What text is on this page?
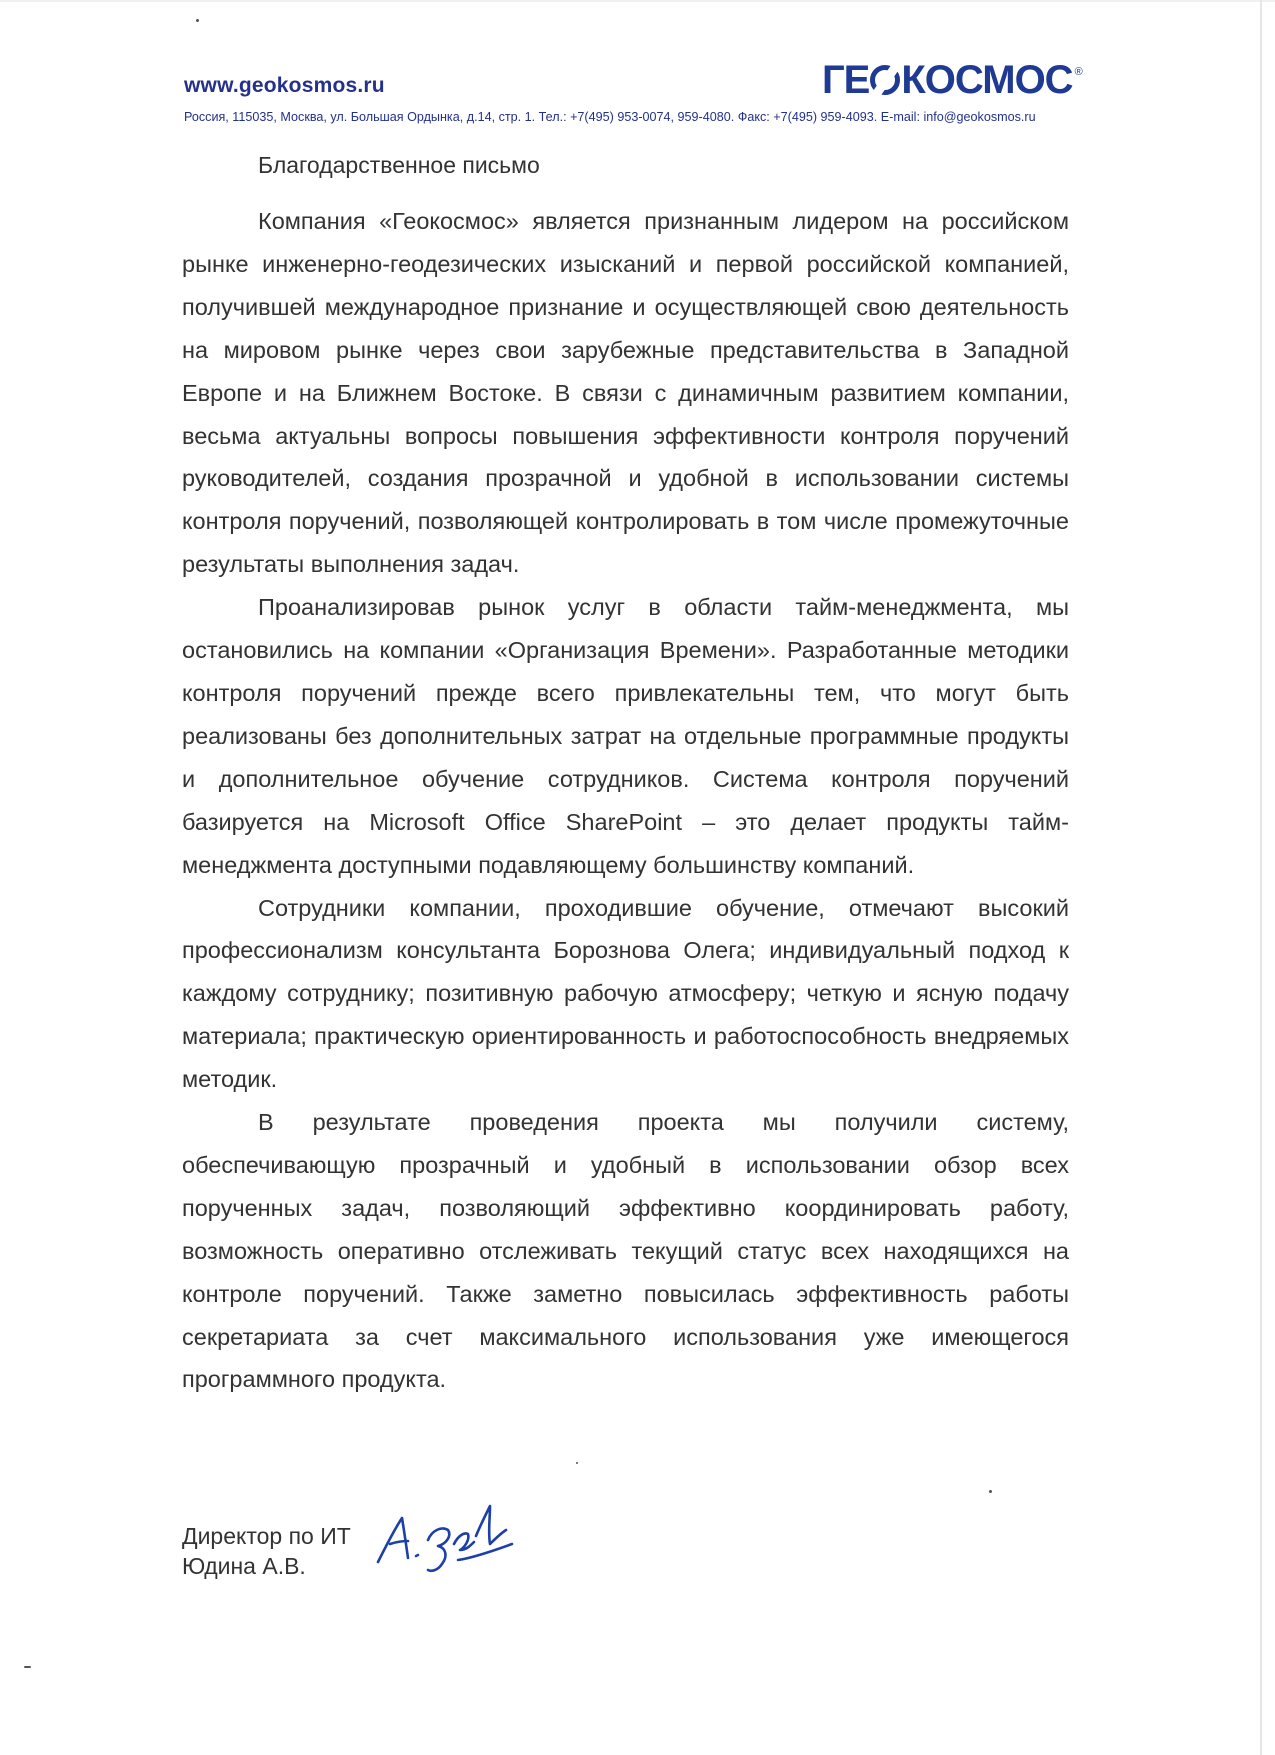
www.geokosmos.ru	ГЕ КОСМОС ®
Россия, 115035, Москва, ул. Большая Ордынка, д.14, стр. 1. Тел.: +7(495) 953-0074, 959-4080. Факс: +7(495) 959-4093. E-mail: info@geokosmos.ru
Благодарственное письмо

Компания «Геокосмос» является признанным лидером на российском рынке инженерно-геодезических изысканий и первой российской компанией, получившей международное признание и осуществляющей свою деятельность на мировом рынке через свои зарубежные представительства в Западной Европе и на Ближнем Востоке. В связи с динамичным развитием компании, весьма актуальны вопросы повышения эффективности контроля поручений руководителей, создания прозрачной и удобной в использовании системы контроля поручений, позволяющей контролировать в том числе промежуточные результаты выполнения задач.

Проанализировав рынок услуг в области тайм-менеджмента, мы остановились на компании «Организация Времени». Разработанные методики контроля поручений прежде всего привлекательны тем, что могут быть реализованы без дополнительных затрат на отдельные программные продукты и дополнительное обучение сотрудников. Система контроля поручений базируется на Microsoft Office SharePoint – это делает продукты тайм-менеджмента доступными подавляющему большинству компаний.

Сотрудники компании, проходившие обучение, отмечают высокий профессионализм консультанта Борознова Олега; индивидуальный подход к каждому сотруднику; позитивную рабочую атмосферу; четкую и ясную подачу материала; практическую ориентированность и работоспособность внедряемых методик.

В результате проведения проекта мы получили систему, обеспечивающую прозрачный и удобный в использовании обзор всех порученных задач, позволяющий эффективно координировать работу, возможность оперативно отслеживать текущий статус всех находящихся на контроле поручений. Также заметно повысилась эффективность работы секретариата за счет максимального использования уже имеющегося программного продукта.

Директор по ИТ
Юдина А.В.
